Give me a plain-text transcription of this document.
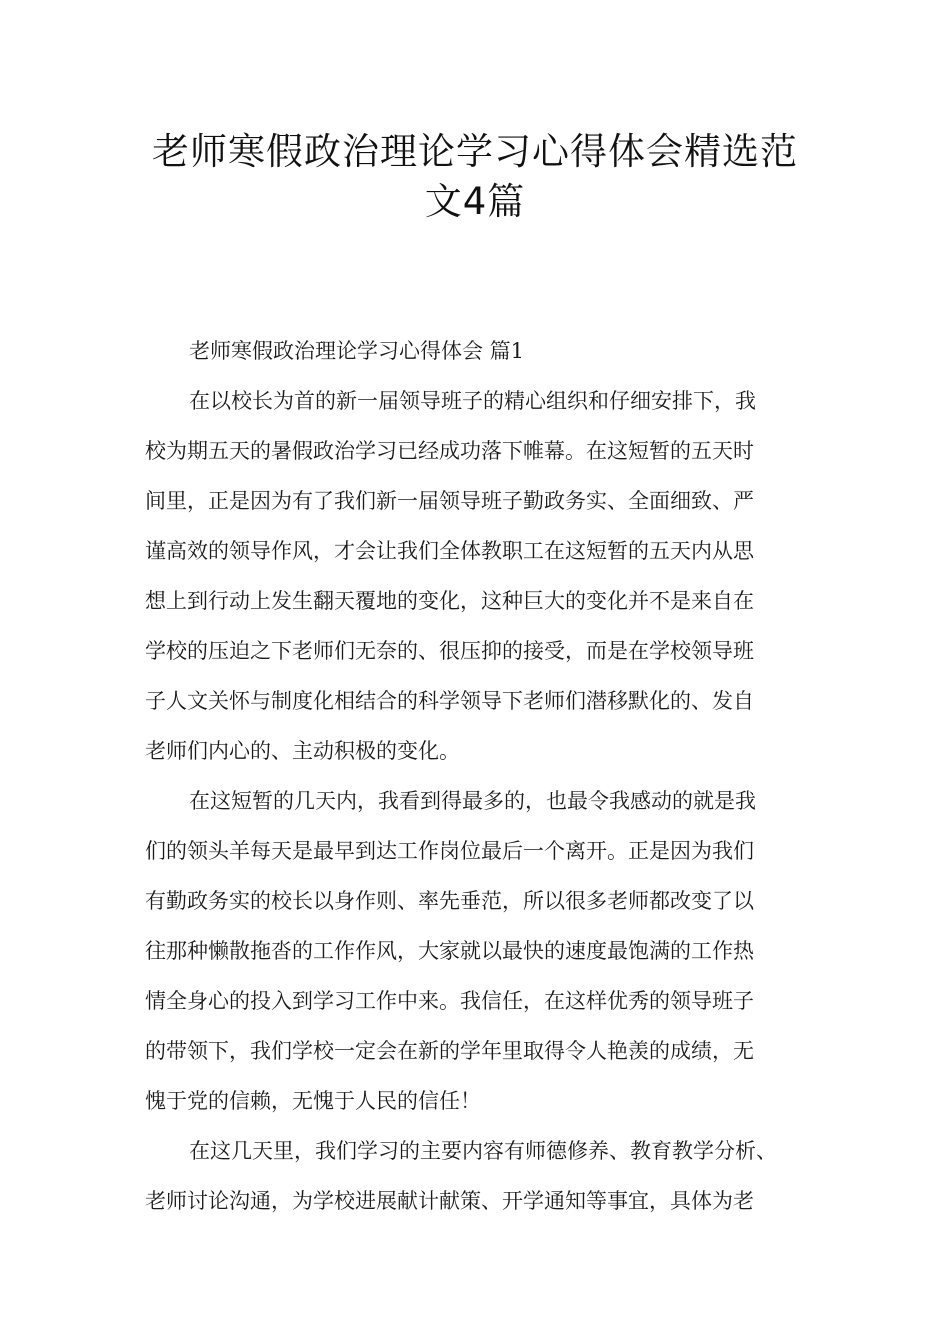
老师寒假政治理论学习心得体会精选范
文4篇
老师寒假政治理论学习心得体会 篇1
在以校长为首的新一届领导班子的精心组织和仔细安排下，我
校为期五天的暑假政治学习已经成功落下帷幕。在这短暂的五天时
间里，正是因为有了我们新一届领导班子勤政务实、全面细致、严
谨高效的领导作风，才会让我们全体教职工在这短暂的五天内从思
想上到行动上发生翻天覆地的变化，这种巨大的变化并不是来自在
学校的压迫之下老师们无奈的、很压抑的接受，而是在学校领导班
子人文关怀与制度化相结合的科学领导下老师们潜移默化的、发自
老师们内心的、主动积极的变化。
在这短暂的几天内，我看到得最多的，也最令我感动的就是我
们的领头羊每天是最早到达工作岗位最后一个离开。正是因为我们
有勤政务实的校长以身作则、率先垂范，所以很多老师都改变了以
往那种懒散拖沓的工作作风，大家就以最快的速度最饱满的工作热
情全身心的投入到学习工作中来。我信任，在这样优秀的领导班子
的带领下，我们学校一定会在新的学年里取得令人艳羡的成绩，无
愧于党的信赖，无愧于人民的信任！
在这几天里，我们学习的主要内容有师德修养、教育教学分析、
老师讨论沟通，为学校进展献计献策、开学通知等事宜，具体为老
